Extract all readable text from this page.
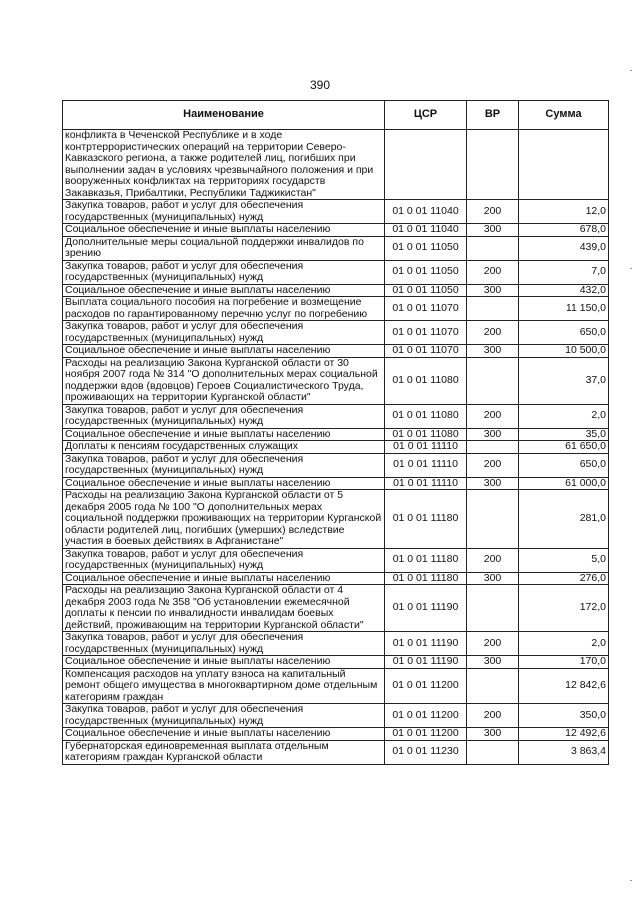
390
Наименование	ЦСР	ВР	Сумма
конфликта в Чеченской Республике и в ходе контртеррористических операций на территории Северо-Кавказского региона, а также родителей лиц, погибших при выполнении задач в условиях чрезвычайного положения и при вооруженных конфликтах на территориях государств Закавказья, Прибалтики, Республики Таджикистан"			
Закупка товаров, работ и услуг для обеспечения государственных (муниципальных) нужд	01 0 01 11040	200	12,0
Социальное обеспечение и иные выплаты населению	01 0 01 11040	300	678,0
Дополнительные меры социальной поддержки инвалидов по зрению	01 0 01 11050		439,0
Закупка товаров, работ и услуг для обеспечения государственных (муниципальных) нужд	01 0 01 11050	200	7,0
Социальное обеспечение и иные выплаты населению	01 0 01 11050	300	432,0
Выплата социального пособия на погребение и возмещение расходов по гарантированному перечню услуг по погребению	01 0 01 11070		11 150,0
Закупка товаров, работ и услуг для обеспечения государственных (муниципальных) нужд	01 0 01 11070	200	650,0
Социальное обеспечение и иные выплаты населению	01 0 01 11070	300	10 500,0
Расходы на реализацию Закона Курганской области от 30 ноября 2007 года № 314 "О дополнительных мерах социальной поддержки вдов (вдовцов) Героев Социалистического Труда, проживающих на территории Курганской области"	01 0 01 11080		37,0
Закупка товаров, работ и услуг для обеспечения государственных (муниципальных) нужд	01 0 01 11080	200	2,0
Социальное обеспечение и иные выплаты населению	01 0 01 11080	300	35,0
Доплаты к пенсиям государственных служащих	01 0 01 11110		61 650,0
Закупка товаров, работ и услуг для обеспечения государственных (муниципальных) нужд	01 0 01 11110	200	650,0
Социальное обеспечение и иные выплаты населению	01 0 01 11110	300	61 000,0
Расходы на реализацию Закона Курганской области от 5 декабря 2005 года № 100 "О дополнительных мерах социальной поддержки проживающих на территории Курганской области родителей лиц, погибших (умерших) вследствие участия в боевых действиях в Афганистане"	01 0 01 11180		281,0
Закупка товаров, работ и услуг для обеспечения государственных (муниципальных) нужд	01 0 01 11180	200	5,0
Социальное обеспечение и иные выплаты населению	01 0 01 11180	300	276,0
Расходы на реализацию Закона Курганской области от 4 декабря 2003 года № 358 "Об установлении ежемесячной доплаты к пенсии по инвалидности инвалидам боевых действий, проживающим на территории Курганской области"	01 0 01 11190		172,0
Закупка товаров, работ и услуг для обеспечения государственных (муниципальных) нужд	01 0 01 11190	200	2,0
Социальное обеспечение и иные выплаты населению	01 0 01 11190	300	170,0
Компенсация расходов на уплату взноса на капитальный ремонт общего имущества в многоквартирном доме отдельным категориям граждан	01 0 01 11200		12 842,6
Закупка товаров, работ и услуг для обеспечения государственных (муниципальных) нужд	01 0 01 11200	200	350,0
Социальное обеспечение и иные выплаты населению	01 0 01 11200	300	12 492,6
Губернаторская единовременная выплата отдельным категориям граждан Курганской области	01 0 01 11230		3 863,4
